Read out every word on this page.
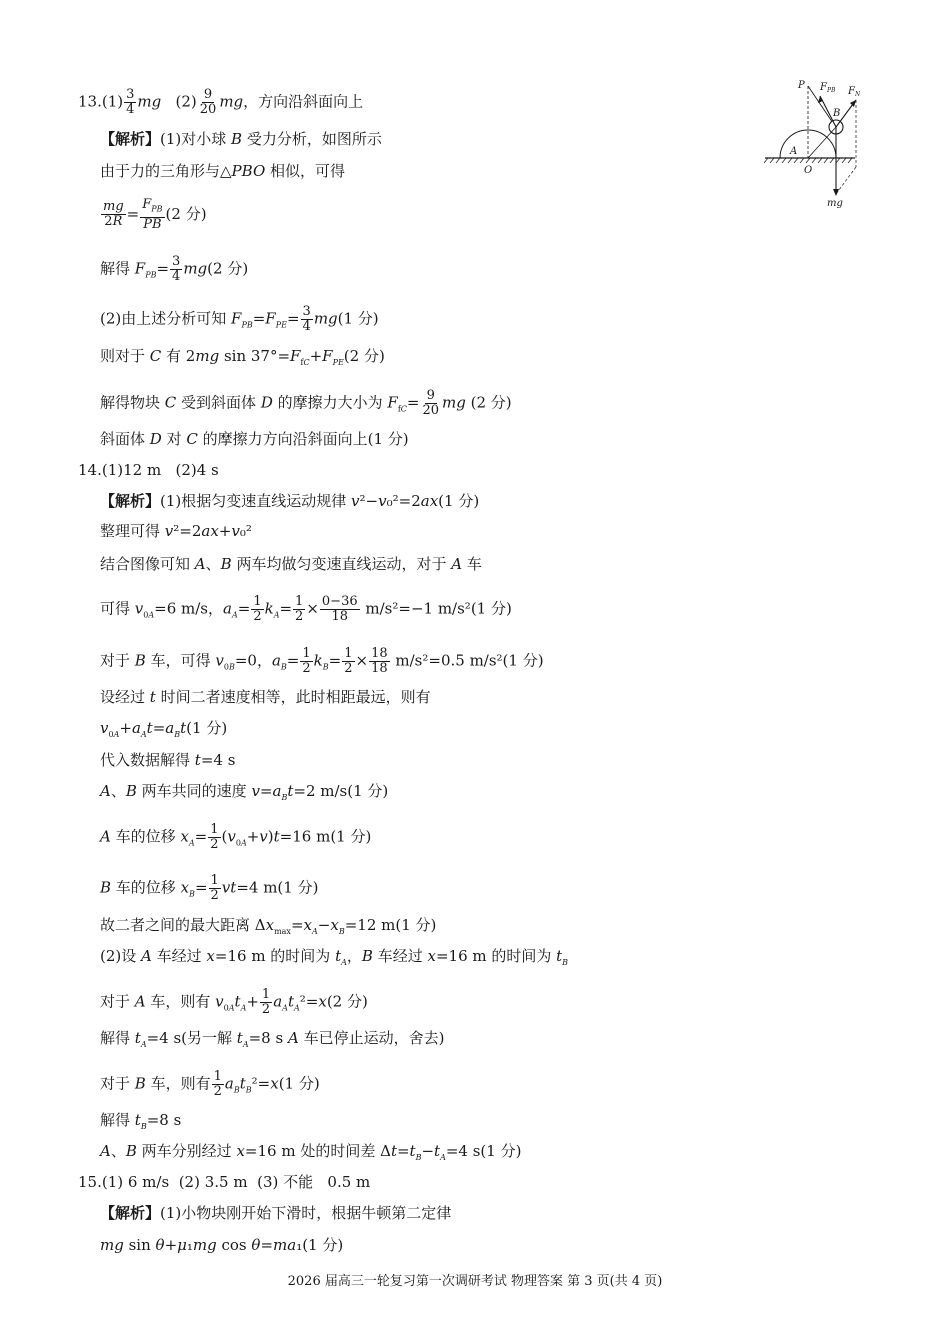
$13.(1) \frac{3}{4}$ mg   $(2) \frac{9}{20}$ mg，方向沿斜面向上
【解析】(1)对小球 B 受力分析，如图所示
由于力的三角形与△PBO 相似，可得
$\frac{mg}{2R} = \frac{F_{PB}}{PB} (2$ 分)
解得 $F_{PB}= \frac{3}{4} mg(2$ 分)
(2)由上述分析可知 $F_{PB}=F_{PE}= \frac{3}{4} mg(1$ 分)
则对于 C 有 2mg $\sin 37^\circ=F_{fC}+F_{PE}(2$ 分)
解得物块 C 受到斜面体 D 的摩擦力大小为 $F_{fC}= \frac{9}{20}$ mg (2 分)
斜面体 D 对 C 的摩擦力方向沿斜面向上(1 分)
14.(1)12 m   (2)4 s
【解析】(1)根据匀变速直线运动规律 v²−v₀²=2ax(1 分)
整理可得 v²=2ax+v₀²
结合图像可知 A、B 两车均做匀变速直线运动，对于 A 车
可得 $v_{0A}=6$ m/s，$a_A= \frac{1}{2} k_A= \frac{1}{2} \times \frac{0-36}{18} m/s^2=-1$ m/s²(1 分)
对于 B 车，可得 $v_{0B}=0$，$a_B= \frac{1}{2} k_B= \frac{1}{2} \times \frac{18}{18} m/s^2=0.5$ m/s²(1 分)
设经过 t 时间二者速度相等，此时相距最远，则有
$v_{0A}+a_At=a_Bt(1$ 分)
代入数据解得 t=4 s
A、B 两车共同的速度 $v=a_Bt=2$ m/s(1 分)
A 车的位移 $x_A= \frac{1}{2} (v_{0A}+v)t=16$ m(1 分)
B 车的位移 $x_B= \frac{1}{2} vt=4$ m(1 分)
故二者之间的最大距离 $\Delta x_{max}=x_A-x_B=12$ m(1 分)
(2)设 A 车经过 x=16 m 的时间为 $t_A$，B 车经过 x=16 m 的时间为 $t_B$
对于 A 车，则有 $v_{0A}t_A+ \frac{1}{2} a_At_A^2=x(2$ 分)
解得 $t_A=4$ s(另一解 $t_A=8$ s A 车已停止运动，舍去)
对于 B 车，则有 $\frac{1}{2} a_Bt_B^2=x(1$ 分)
解得 $t_B=8$ s
A、B 两车分别经过 x=16 m 处的时间差 $\Delta t=t_B-t_A=4$ s(1 分)
15.(1) 6 m/s  (2) 3.5 m  (3) 不能   0.5 m
【解析】(1)小物块刚开始下滑时，根据牛顿第二定律
mg sin θ+μ₁mg cos θ=ma₁(1 分)
P $F_{PB}$ $F_N$
B
A
O
mg
2026 届高三一轮复习第一次调研考试 物理答案 第 3 页(共 4 页)
